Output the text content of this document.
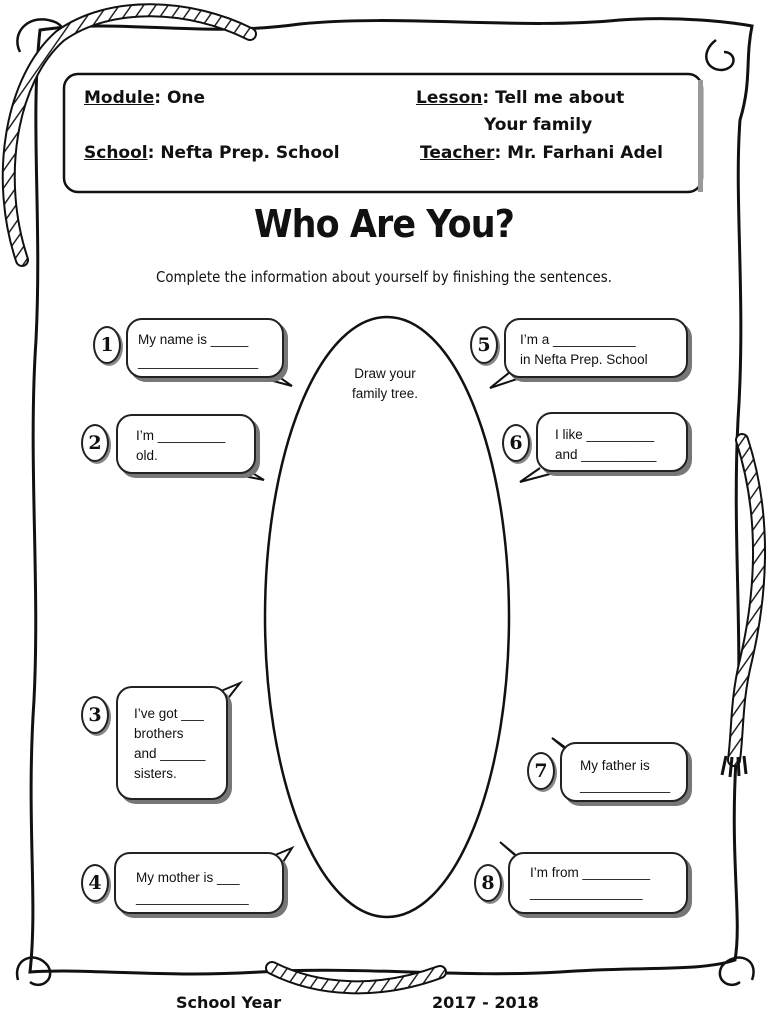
Module: One	Lesson: Tell me about
Your family
School: Nefta Prep. School	Teacher: Mr. Farhani Adel
Who Are You?
Complete the information about yourself by finishing the sentences.
Draw your
family tree.
1	My name is _____
________________
2	I’m _________
old.
3	I’ve got ___
brothers
and ______
sisters.
4	My mother is ___
_______________
5	I’m a ___________
in Nefta Prep. School
6	I like _________
and __________
7	My father is
____________
8	I’m from _________
_______________
School Year	2017 - 2018
